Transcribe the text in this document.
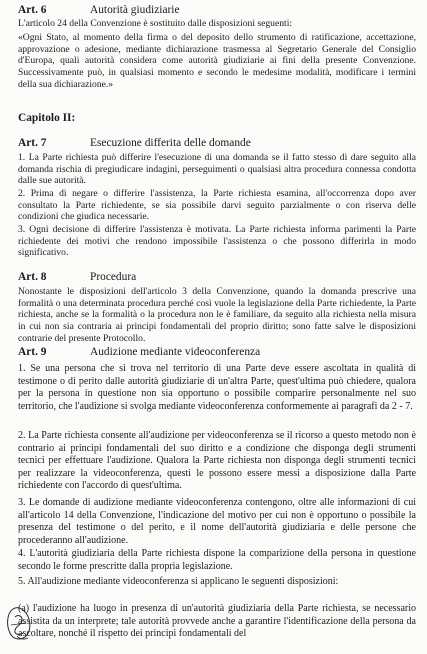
Art. 6	Autorità giudiziarie

L'articolo 24 della Convenzione è sostituito dalle disposizioni seguenti:

«Ogni Stato, al momento della firma o del deposito dello strumento di ratificazione, accettazione, approvazione o adesione, mediante dichiarazione trasmessa al Segretario Generale del Consiglio d'Europa, quali autorità considera come autorità giudiziarie ai fini della presente Convenzione. Successivamente può, in qualsiasi momento e secondo le medesime modalità, modificare i termini della sua dichiarazione.»

Capitolo II:
Art. 7	Esecuzione differita delle domande

1. La Parte richiesta può differire l'esecuzione di una domanda se il fatto stesso di dare seguito alla domanda rischia di pregiudicare indagini, perseguimenti o qualsiasi altra procedura connessa condotta dalle sue autorità.

2. Prima di negare o differire l'assistenza, la Parte richiesta esamina, all'occorrenza dopo aver consultato la Parte richiedente, se sia possibile darvi seguito parzialmente o con riserva delle condizioni che giudica necessarie.

3. Ogni decisione di differire l'assistenza è motivata. La Parte richiesta informa parimenti la Parte richiedente dei motivi che rendono impossibile l'assistenza o che possono differirla in modo significativo.

Art. 8	Procedura

Nonostante le disposizioni dell'articolo 3 della Convenzione, quando la domanda prescrive una formalità o una determinata procedura perché così vuole la legislazione della Parte richiedente, la Parte richiesta, anche se la formalità o la procedura non le è familiare, da seguito alla richiesta nella misura in cui non sia contraria ai principi fondamentali del proprio diritto; sono fatte salve le disposizioni contrarie del presente Protocollo.

Art. 9	Audizione mediante videoconferenza

1. Se una persona che si trova nel territorio di una Parte deve essere ascoltata in qualità di testimone o di perito dalle autorità giudiziarie di un'altra Parte, quest'ultima può chiedere, qualora per la persona in questione non sia opportuno o possibile comparire personalmente nel suo territorio, che l'audizione si svolga mediante videoconferenza conformemente ai paragrafi da 2 - 7.

2. La Parte richiesta consente all'audizione per videoconferenza se il ricorso a questo metodo non è contrario ai principi fondamentali del suo diritto e a condizione che disponga degli strumenti tecnici per effettuare l'audizione. Qualora la Parte richiesta non disponga degli strumenti tecnici per realizzare la videoconferenza, questi le possono essere messi a disposizione dalla Parte richiedente con l'accordo di quest'ultima.

3. Le domande di audizione mediante videoconferenza contengono, oltre alle informazioni di cui all'articolo 14 della Convenzione, l'indicazione del motivo per cui non è opportuno o possibile la presenza del testimone o del perito, e il nome dell'autorità giudiziaria e delle persone che procederanno all'audizione.

4. L'autorità giudiziaria della Parte richiesta dispone la comparizione della persona in questione secondo le forme prescritte dalla propria legislazione.

5. All'audizione mediante videoconferenza si applicano le seguenti disposizioni:

(a) l'audizione ha luogo in presenza di un'autorità giudiziaria della Parte richiesta, se necessario assistita da un interprete; tale autorità provvede anche a garantire l'identificazione della persona da ascoltare, nonché il rispetto dei principi fondamentali del
